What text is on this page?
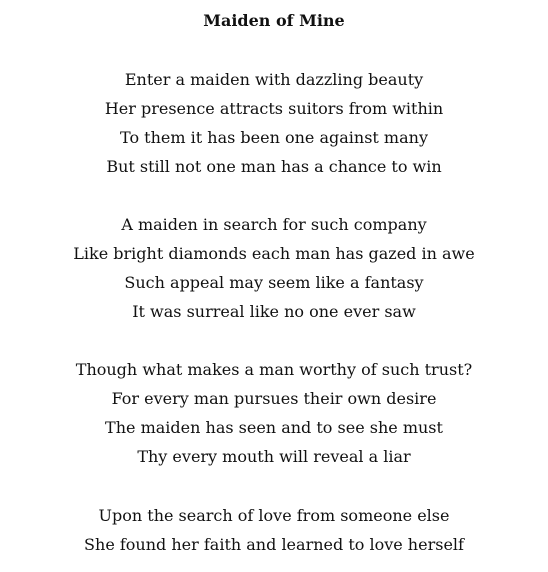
Maiden of Mine
Enter a maiden with dazzling beauty
Her presence attracts suitors from within
To them it has been one against many
But still not one man has a chance to win
A maiden in search for such company
Like bright diamonds each man has gazed in awe
Such appeal may seem like a fantasy
It was surreal like no one ever saw
Though what makes a man worthy of such trust?
For every man pursues their own desire
The maiden has seen and to see she must
Thy every mouth will reveal a liar
Upon the search of love from someone else
She found her faith and learned to love herself
